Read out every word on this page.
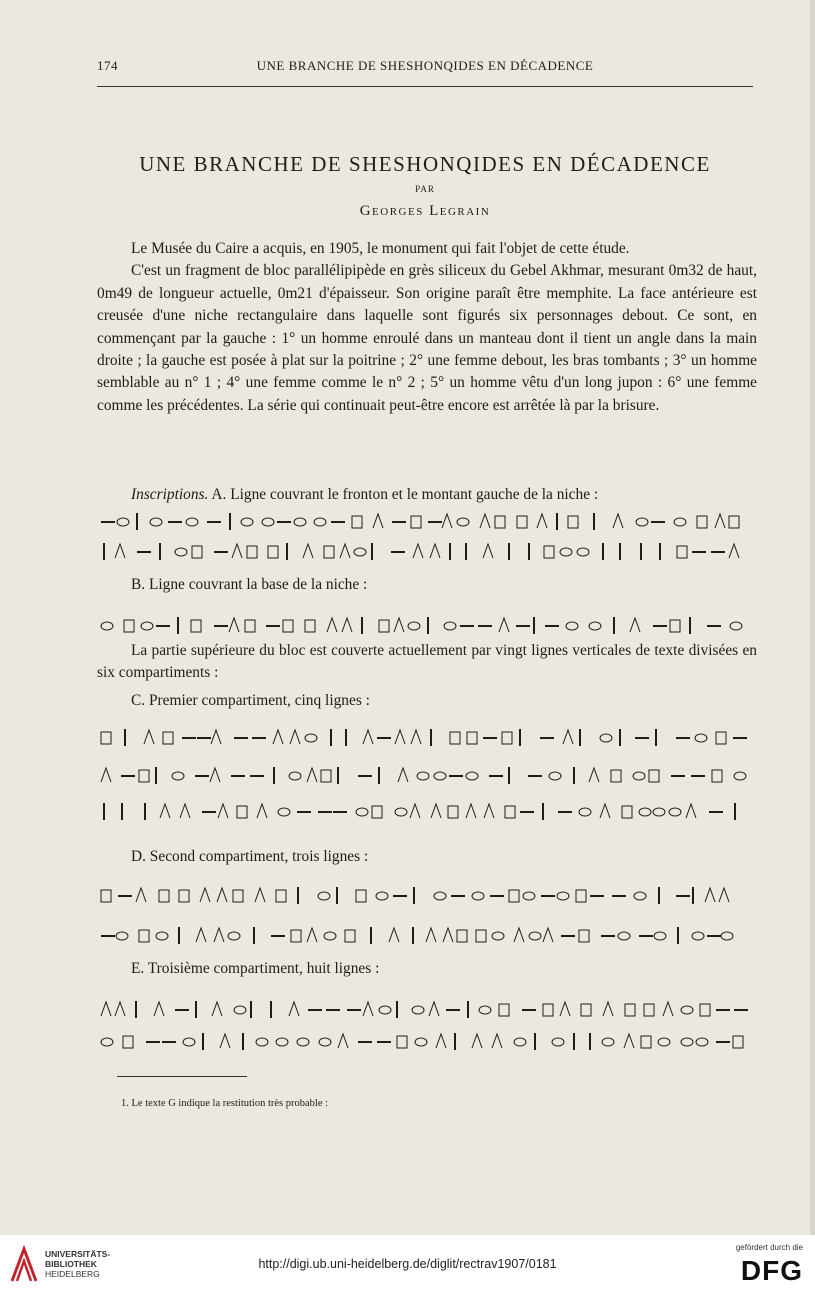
174	UNE BRANCHE DE SHESHONQIDES EN DÉCADENCE
UNE BRANCHE DE SHESHONQIDES EN DÉCADENCE
PAR
Georges Legrain

Le Musée du Caire a acquis, en 1905, le monument qui fait l'objet de cette étude.

C'est un fragment de bloc parallélipipède en grès siliceux du Gebel Akhmar, mesurant 0m32 de haut, 0m49 de longueur actuelle, 0m21 d'épaisseur. Son origine paraît être memphite. La face antérieure est creusée d'une niche rectangulaire dans laquelle sont figurés six personnages debout. Ce sont, en commençant par la gauche : 1° un homme enroulé dans un manteau dont il tient un angle dans la main droite ; la gauche est posée à plat sur la poitrine ; 2° une femme debout, les bras tombants ; 3° un homme semblable au n° 1 ; 4° une femme comme le n° 2 ; 5° un homme vêtu d'un long jupon : 6° une femme comme les précédentes. La série qui continuait peut-être encore est arrêtée là par la brisure.

Inscriptions. A. Ligne couvrant le fronton et le montant gauche de la niche :
B. Ligne couvrant la base de la niche :

La partie supérieure du bloc est couverte actuellement par vingt lignes verticales de texte divisées en six compartiments :

C. Premier compartiment, cinq lignes :
D. Second compartiment, trois lignes :
E. Troisième compartiment, huit lignes :
1. Le texte G indique la restitution très probable :
UNIVERSITÄTS-
BIBLIOTHEK
HEIDELBERG
http://digi.ub.uni-heidelberg.de/diglit/rectrav1907/0181
gefördert durch die
DFG
